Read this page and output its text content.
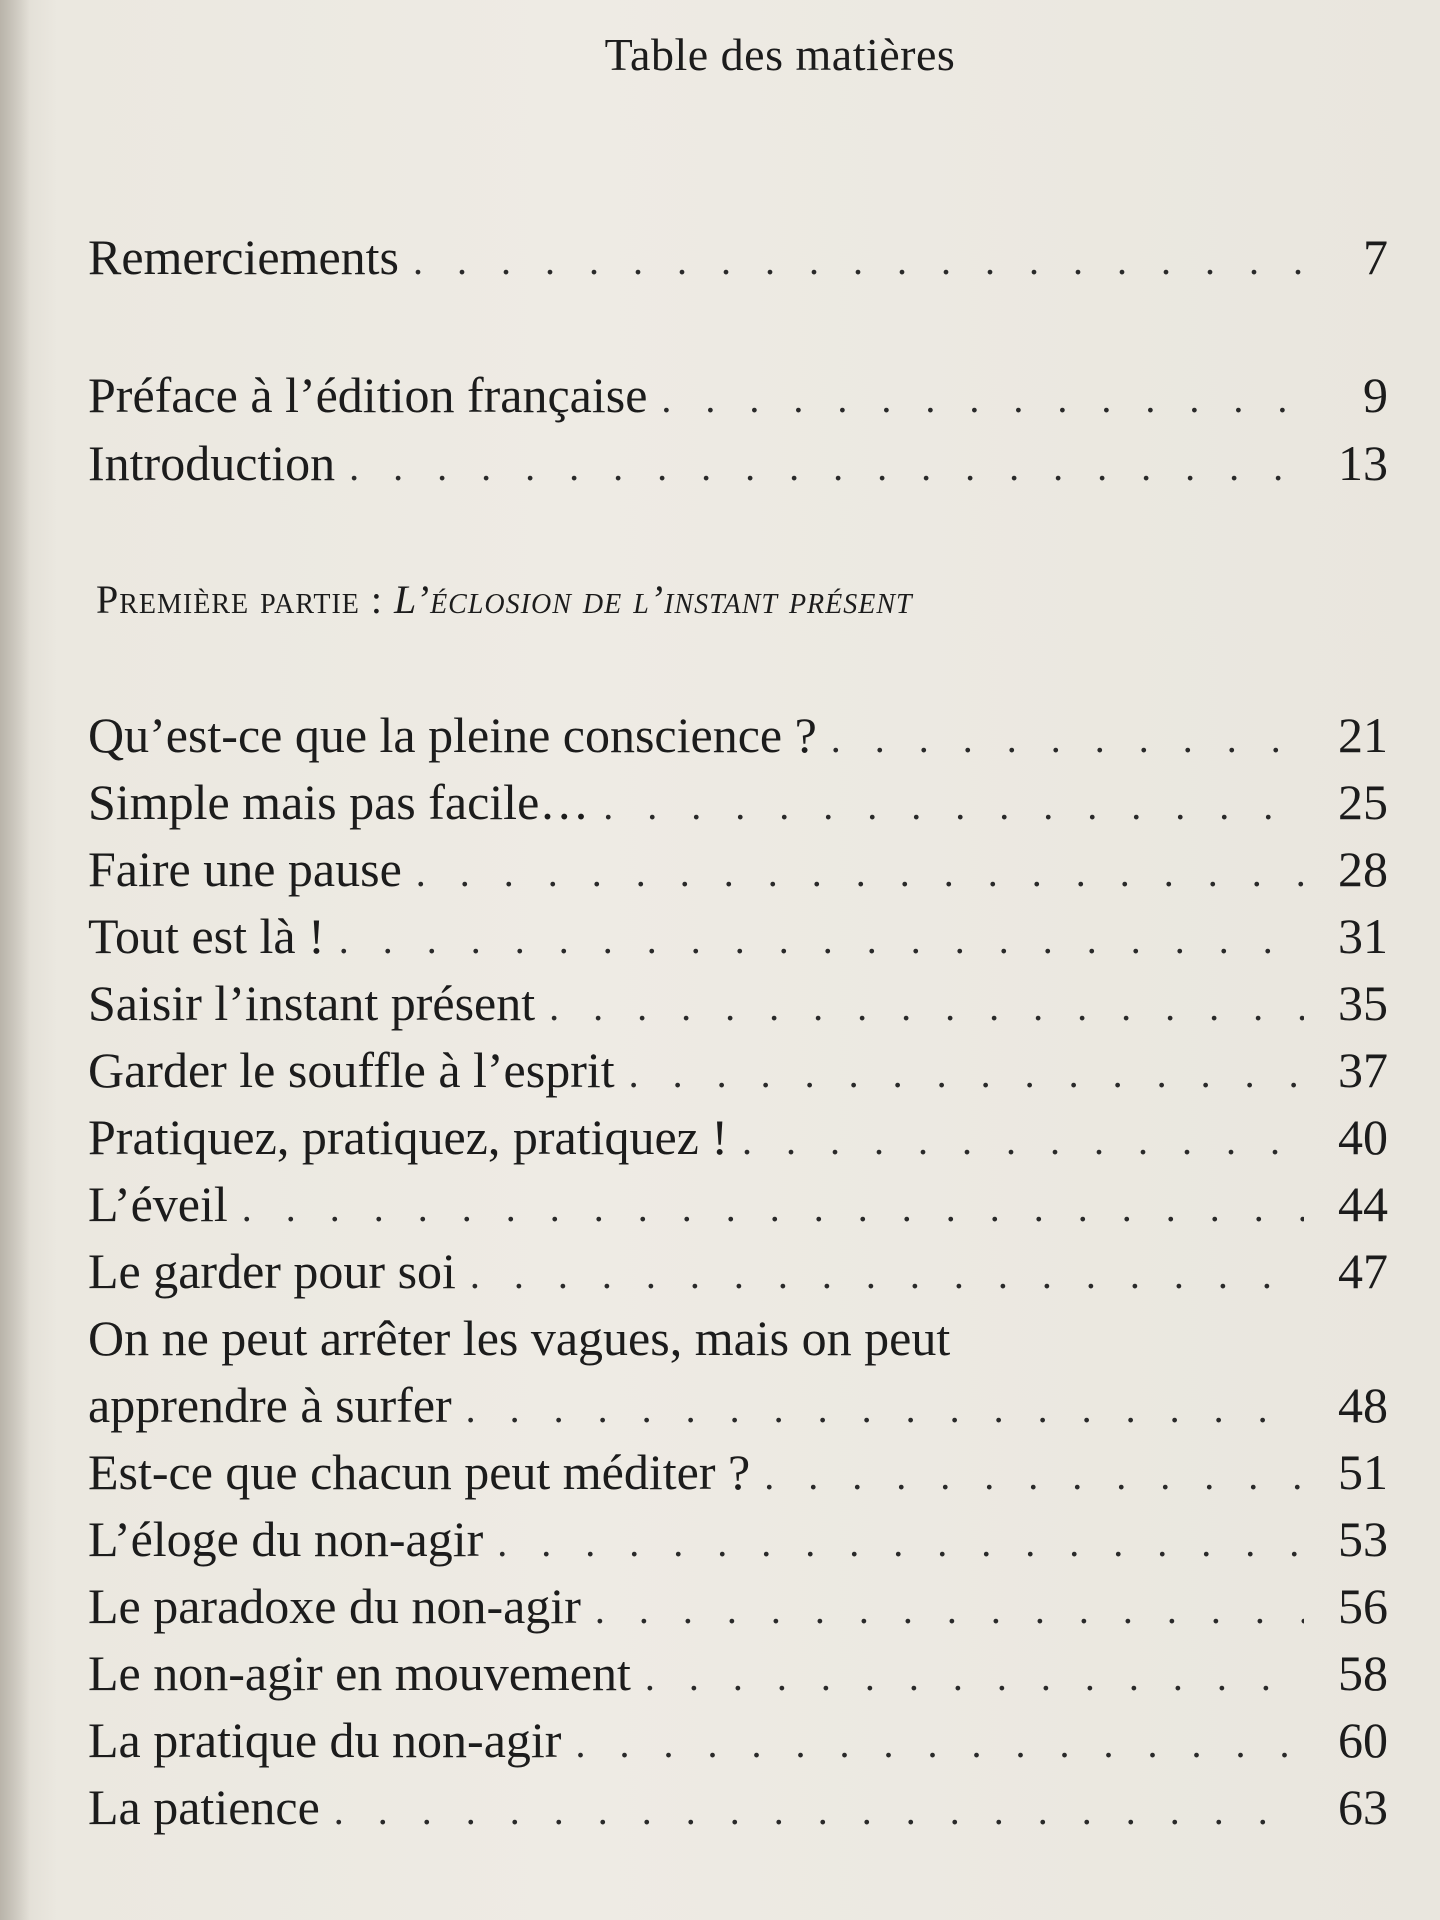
Table des matières
Remerciements . . .	7
Préface à l’édition française . . .	9
Introduction . . .	13
Première partie : L’éclosion de l’instant présent
Qu’est-ce que la pleine conscience ? . . .	21
Simple mais pas facile… . . .	25
Faire une pause . . .	28
Tout est là ! . . .	31
Saisir l’instant présent . . .	35
Garder le souffle à l’esprit . . .	37
Pratiquez, pratiquez, pratiquez ! . . .	40
L’éveil . . .	44
Le garder pour soi . . .	47
On ne peut arrêter les vagues, mais on peut
apprendre à surfer . . .	48
Est-ce que chacun peut méditer ? . . .	51
L’éloge du non-agir . . .	53
Le paradoxe du non-agir . . .	56
Le non-agir en mouvement . . .	58
La pratique du non-agir . . .	60
La patience . . .	63
